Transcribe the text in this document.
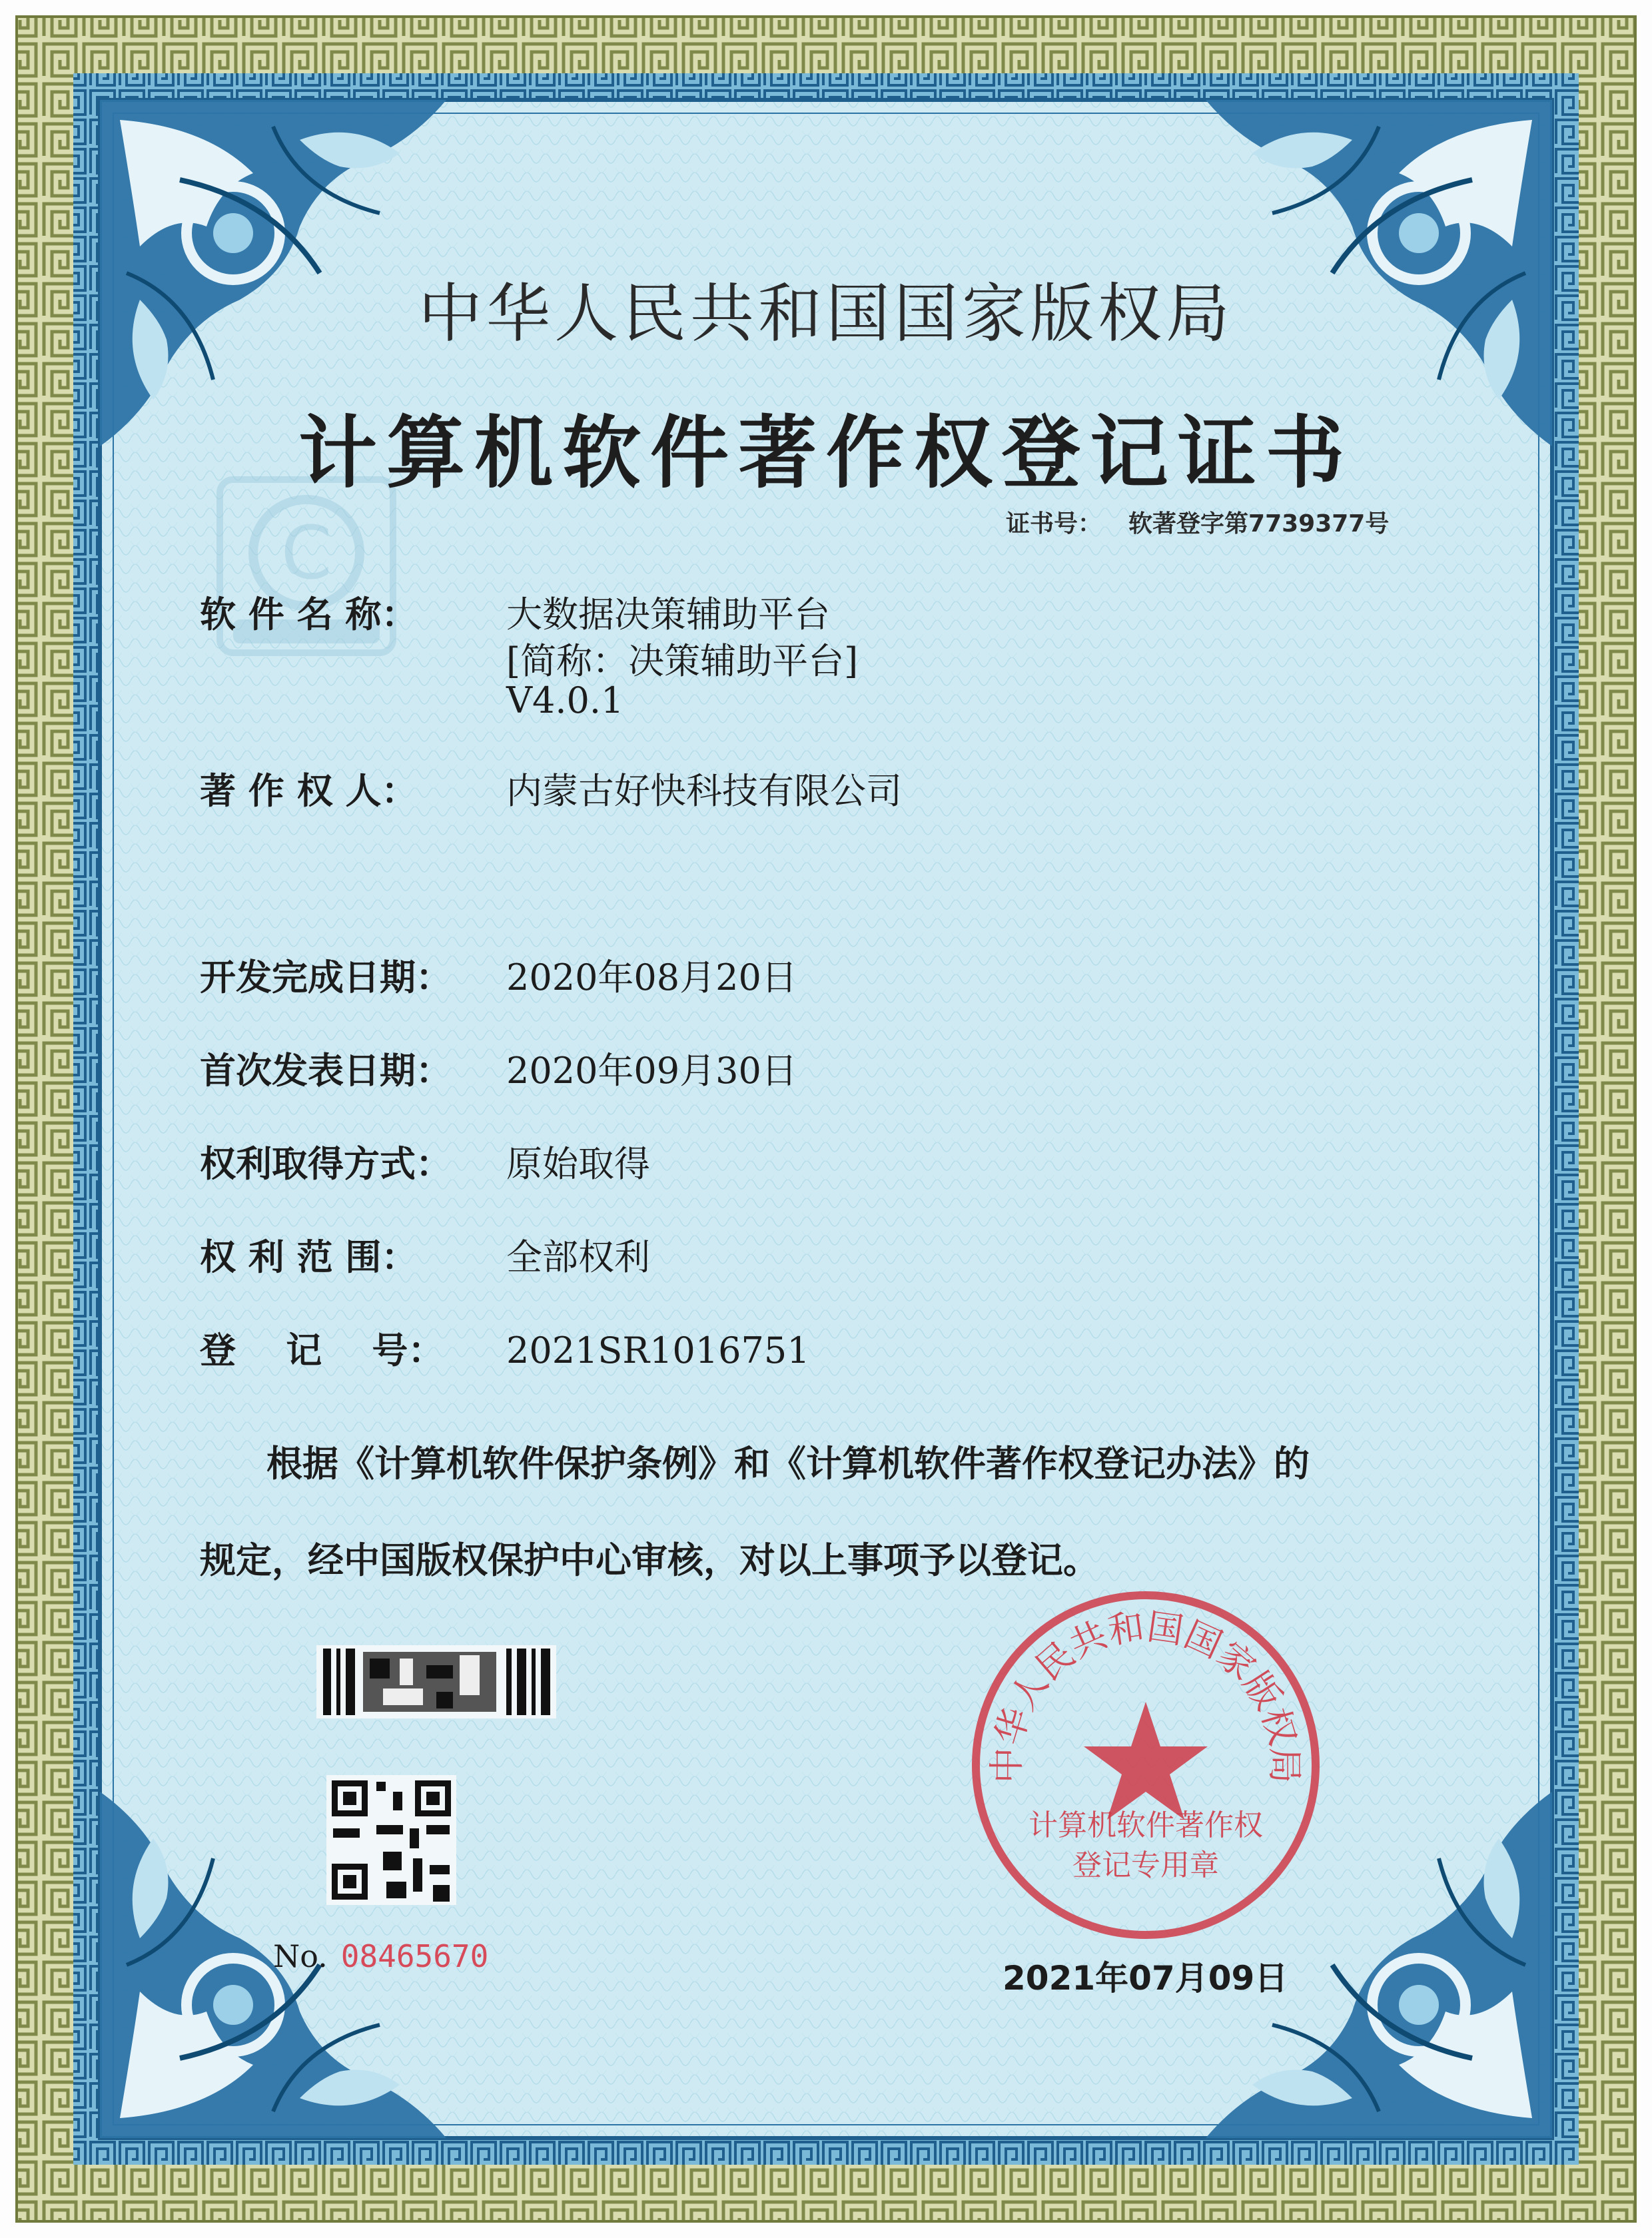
C
中华人民共和国国家版权局
计算机软件著作权登记证书
证书号： 软著登字第7739377号
软 件 名 称： 大数据决策辅助平台
[简称：决策辅助平台]
V4.0.1
著 作 权 人： 内蒙古好快科技有限公司
开发完成日期： 2020年08月20日
首次发表日期： 2020年09月30日
权利取得方式： 原始取得
权 利 范 围： 全部权利
登    记    号： 2021SR1016751
根据《计算机软件保护条例》和《计算机软件著作权登记办法》的
规定，经中国版权保护中心审核，对以上事项予以登记。
中华人民共和国国家版权局
计算机软件著作权
登记专用章
No. 08465670
2021年07月09日
